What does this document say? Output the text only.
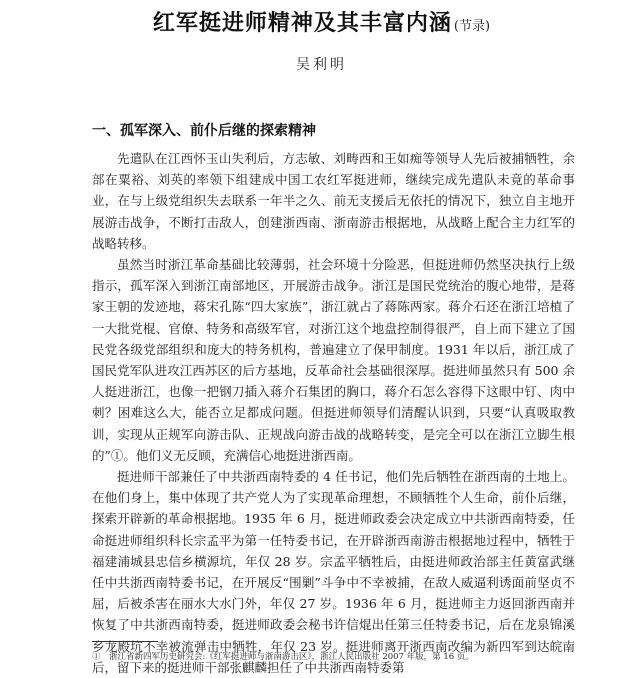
红军挺进师精神及其丰富内涵 (节录)
吴利明
一、孤军深入、前仆后继的探索精神

先遣队在江西怀玉山失利后，方志敏、刘畴西和王如痴等领导人先后被捕牺牲，余部在粟裕、刘英的率领下组建成中国工农红军挺进师，继续完成先遣队未竟的革命事业，在与上级党组织失去联系一年半之久、前无支援后无依托的情况下，独立自主地开展游击战争，不断打击敌人，创建浙西南、浙南游击根据地，从战略上配合主力红军的战略转移。

虽然当时浙江革命基础比较薄弱，社会环境十分险恶，但挺进师仍然坚决执行上级指示，孤军深入到浙江南部地区，开展游击战争。浙江是国民党统治的腹心地带，是蒋家王朝的发迹地，蒋宋孔陈“四大家族”，浙江就占了蒋陈两家。蒋介石还在浙江培植了一大批党棍、官僚、特务和高级军官，对浙江这个地盘控制得很严，自上而下建立了国民党各级党部组织和庞大的特务机构，普遍建立了保甲制度。1931 年以后，浙江成了国民党军队进攻江西苏区的后方基地，反革命社会基础很深厚。挺进师虽然只有 500 余人挺进浙江，也像一把钢刀插入蒋介石集团的胸口，蒋介石怎么容得下这眼中钉、肉中刺？困难这么大，能否立足都成问题。但挺进师领导们清醒认识到，只要“认真吸取教训，实现从正规军向游击队、正规战向游击战的战略转变，是完全可以在浙江立脚生根的”①。他们义无反顾，充满信心地挺进浙西南。

挺进师干部兼任了中共浙西南特委的 4 任书记，他们先后牺牲在浙西南的土地上。在他们身上，集中体现了共产党人为了实现革命理想，不顾牺牲个人生命，前仆后继，探索开辟新的革命根据地。1935 年 6 月，挺进师政委会决定成立中共浙西南特委，任命挺进师组织科长宗孟平为第一任特委书记，在开辟浙西南游击根据地过程中，牺牲于福建浦城县忠信乡横源坑，年仅 28 岁。宗孟平牺牲后，由挺进师政治部主任黄富武继任中共浙西南特委书记，在开展反“围剿”斗争中不幸被捕，在敌人威逼利诱面前坚贞不屈，后被杀害在丽水大水门外，年仅 27 岁。1936 年 6 月，挺进师主力返回浙西南并恢复了中共浙西南特委，挺进师政委会秘书许信焜出任第三任特委书记，后在龙泉锦溪乡龙殿坑不幸被流弹击中牺牲，年仅 23 岁。挺进师离开浙西南改编为新四军到达皖南后，留下来的挺进师干部张麒麟担任了中共浙西南特委第

①　浙江省新四军历史研究会:《红军挺进师与浙南游击区》，浙江人民出版社 2007 年版，第 16 页。
